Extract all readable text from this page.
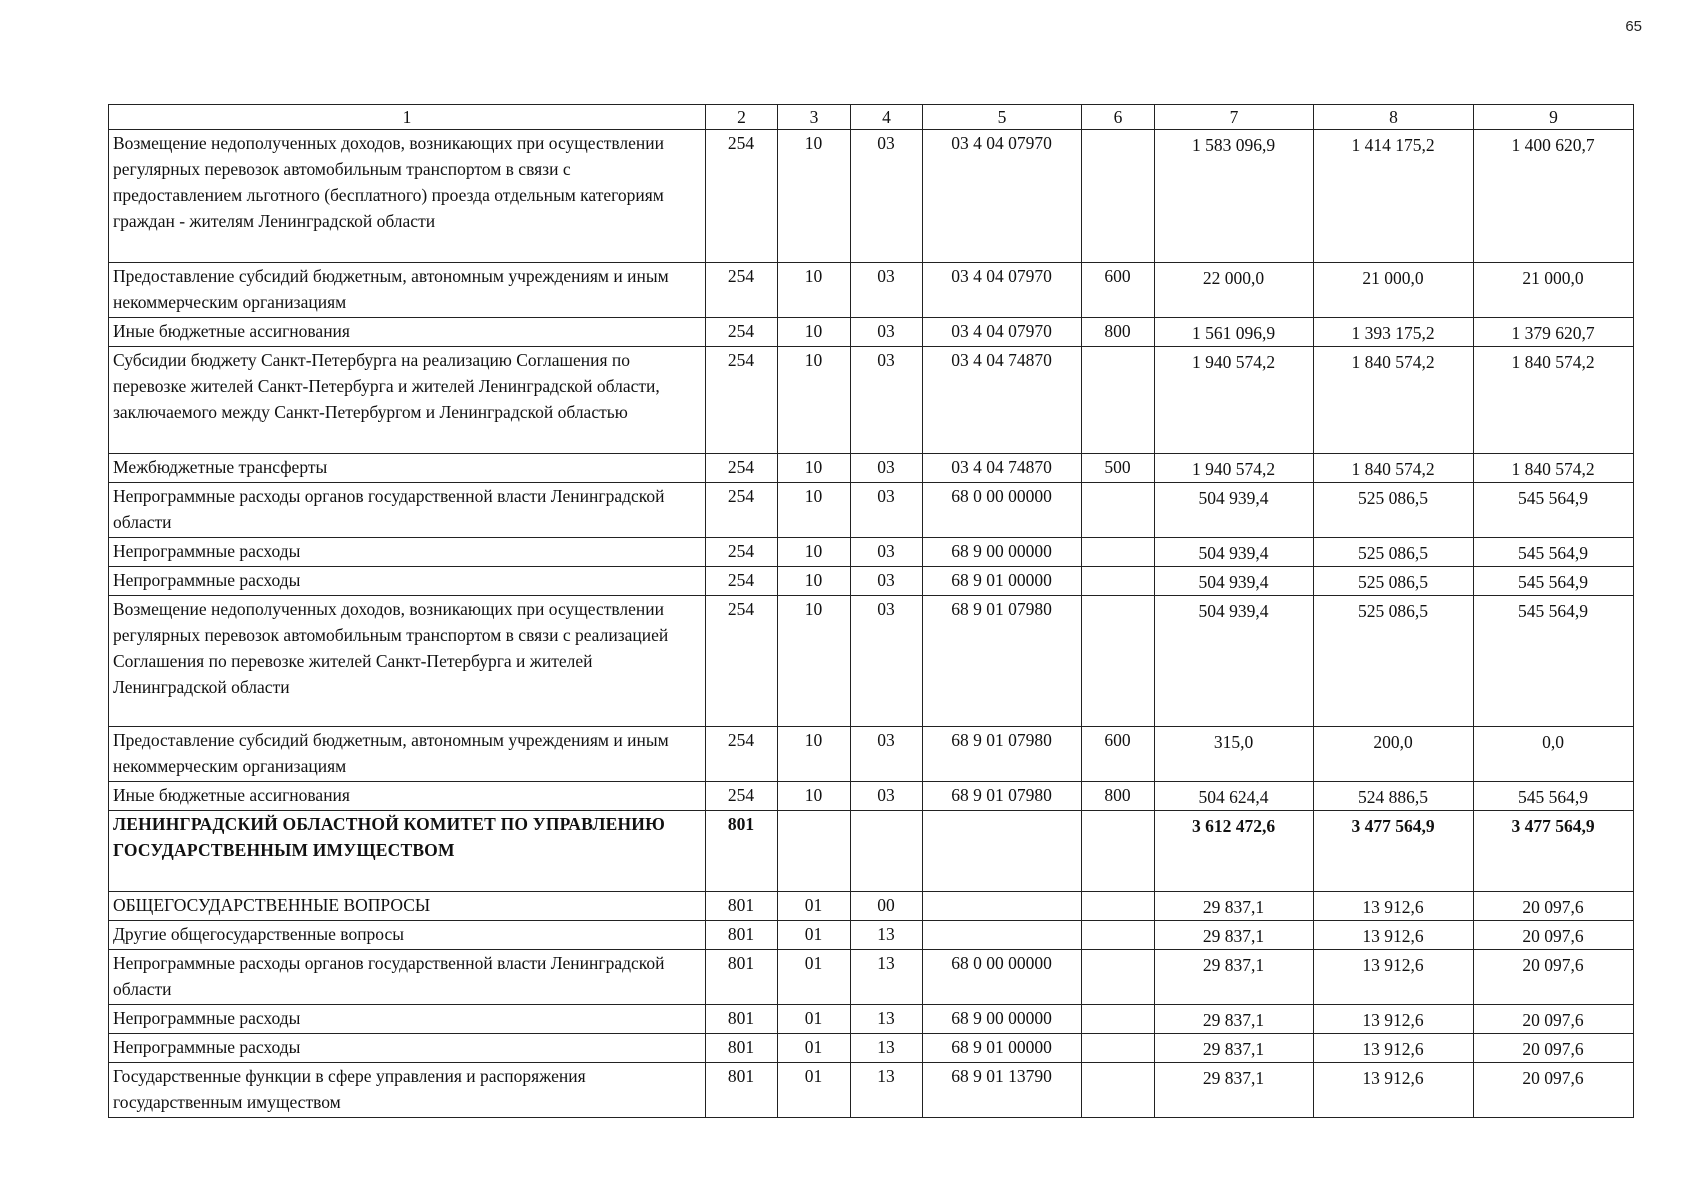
65
1	2	3	4	5	6	7	8	9
Возмещение недополученных доходов, возникающих при осуществлении регулярных перевозок автомобильным транспортом в связи с предоставлением льготного (бесплатного) проезда отдельным категориям граждан - жителям Ленинградской области	254	10	03	03 4 04 07970		1 583 096,9	1 414 175,2	1 400 620,7
Предоставление субсидий бюджетным, автономным учреждениям и иным некоммерческим организациям	254	10	03	03 4 04 07970	600	22 000,0	21 000,0	21 000,0
Иные бюджетные ассигнования	254	10	03	03 4 04 07970	800	1 561 096,9	1 393 175,2	1 379 620,7
Субсидии бюджету Санкт-Петербурга на реализацию Соглашения по перевозке жителей Санкт-Петербурга и жителей Ленинградской области, заключаемого между Санкт-Петербургом и Ленинградской областью	254	10	03	03 4 04 74870		1 940 574,2	1 840 574,2	1 840 574,2
Межбюджетные трансферты	254	10	03	03 4 04 74870	500	1 940 574,2	1 840 574,2	1 840 574,2
Непрограммные расходы органов государственной власти Ленинградской области	254	10	03	68 0 00 00000		504 939,4	525 086,5	545 564,9
Непрограммные расходы	254	10	03	68 9 00 00000		504 939,4	525 086,5	545 564,9
Непрограммные расходы	254	10	03	68 9 01 00000		504 939,4	525 086,5	545 564,9
Возмещение недополученных доходов, возникающих при осуществлении регулярных перевозок автомобильным транспортом в связи с реализацией Соглашения по перевозке жителей Санкт-Петербурга и жителей Ленинградской области	254	10	03	68 9 01 07980		504 939,4	525 086,5	545 564,9
Предоставление субсидий бюджетным, автономным учреждениям и иным некоммерческим организациям	254	10	03	68 9 01 07980	600	315,0	200,0	0,0
Иные бюджетные ассигнования	254	10	03	68 9 01 07980	800	504 624,4	524 886,5	545 564,9
ЛЕНИНГРАДСКИЙ ОБЛАСТНОЙ КОМИТЕТ ПО УПРАВЛЕНИЮ ГОСУДАРСТВЕННЫМ ИМУЩЕСТВОМ	801					3 612 472,6	3 477 564,9	3 477 564,9
ОБЩЕГОСУДАРСТВЕННЫЕ ВОПРОСЫ	801	01	00			29 837,1	13 912,6	20 097,6
Другие общегосударственные вопросы	801	01	13			29 837,1	13 912,6	20 097,6
Непрограммные расходы органов государственной власти Ленинградской области	801	01	13	68 0 00 00000		29 837,1	13 912,6	20 097,6
Непрограммные расходы	801	01	13	68 9 00 00000		29 837,1	13 912,6	20 097,6
Непрограммные расходы	801	01	13	68 9 01 00000		29 837,1	13 912,6	20 097,6
Государственные функции в сфере управления и распоряжения государственным имуществом	801	01	13	68 9 01 13790		29 837,1	13 912,6	20 097,6
